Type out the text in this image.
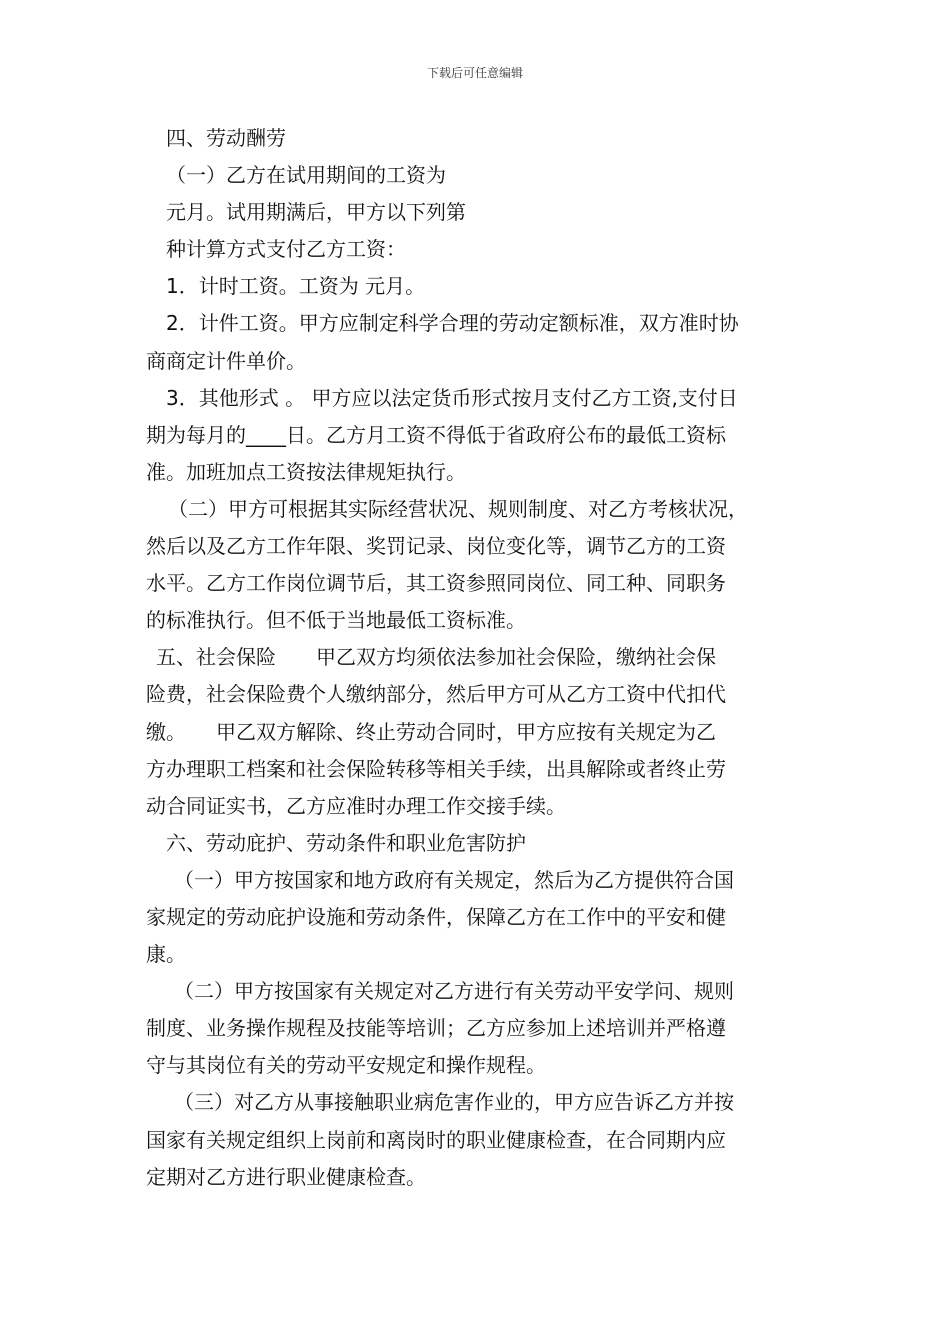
下载后可任意编辑
四、劳动酬劳
（一）乙方在试用期间的工资为
元月。试用期满后，甲方以下列第
种计算方式支付乙方工资：
1．计时工资。工资为 元月。
2．计件工资。甲方应制定科学合理的劳动定额标准，双方准时协
商商定计件单价。
3．其他形式 。 甲方应以法定货币形式按月支付乙方工资,支付日
期为每月的____日。乙方月工资不得低于省政府公布的最低工资标
准。加班加点工资按法律规矩执行。
（二）甲方可根据其实际经营状况、规则制度、对乙方考核状况，
然后以及乙方工作年限、奖罚记录、岗位变化等，调节乙方的工资
水平。乙方工作岗位调节后，其工资参照同岗位、同工种、同职务
的标准执行。但不低于当地最低工资标准。
五、社会保险　　甲乙双方均须依法参加社会保险，缴纳社会保
险费，社会保险费个人缴纳部分，然后甲方可从乙方工资中代扣代
缴。　　甲乙双方解除、终止劳动合同时，甲方应按有关规定为乙
方办理职工档案和社会保险转移等相关手续，出具解除或者终止劳
动合同证实书，乙方应准时办理工作交接手续。
六、劳动庇护、劳动条件和职业危害防护
（一）甲方按国家和地方政府有关规定，然后为乙方提供符合国
家规定的劳动庇护设施和劳动条件，保障乙方在工作中的平安和健
康。
（二）甲方按国家有关规定对乙方进行有关劳动平安学问、规则
制度、业务操作规程及技能等培训；乙方应参加上述培训并严格遵
守与其岗位有关的劳动平安规定和操作规程。
（三）对乙方从事接触职业病危害作业的，甲方应告诉乙方并按
国家有关规定组织上岗前和离岗时的职业健康检查，在合同期内应
定期对乙方进行职业健康检查。
